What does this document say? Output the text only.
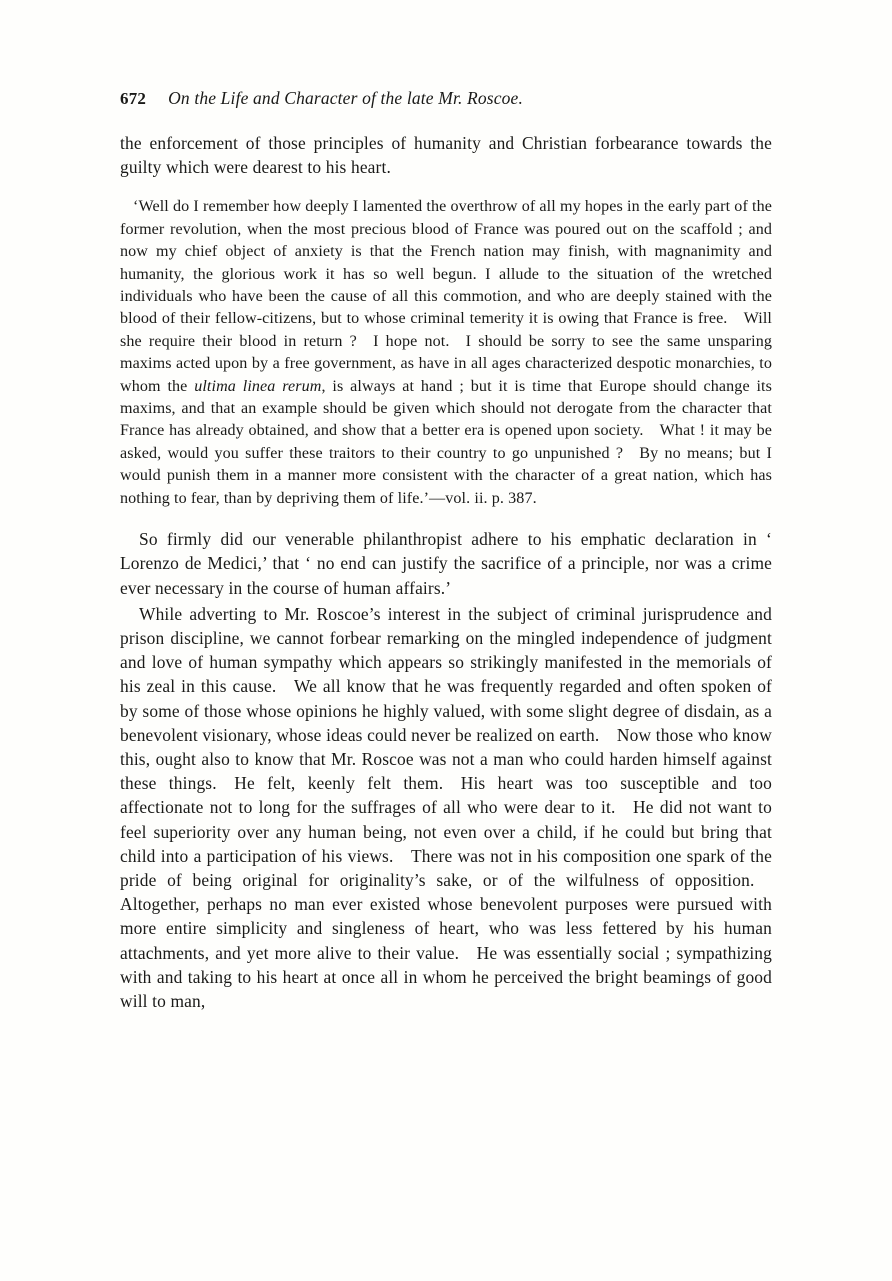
672 On the Life and Character of the late Mr. Roscoe.

the enforcement of those principles of humanity and Christian forbearance towards the guilty which were dearest to his heart.

‘Well do I remember how deeply I lamented the overthrow of all my hopes in the early part of the former revolution, when the most precious blood of France was poured out on the scaffold ; and now my chief object of anxiety is that the French nation may finish, with magnanimity and humanity, the glorious work it has so well begun. I allude to the situation of the wretched individuals who have been the cause of all this commotion, and who are deeply stained with the blood of their fellow-citizens, but to whose criminal temerity it is owing that France is free. Will she require their blood in return ? I hope not. I should be sorry to see the same unsparing maxims acted upon by a free government, as have in all ages characterized despotic monarchies, to whom the ultima linea rerum, is always at hand ; but it is time that Europe should change its maxims, and that an example should be given which should not derogate from the character that France has already obtained, and show that a better era is opened upon society. What ! it may be asked, would you suffer these traitors to their country to go unpunished ? By no means; but I would punish them in a manner more consistent with the character of a great nation, which has nothing to fear, than by depriving them of life.’—vol. ii. p. 387.

So firmly did our venerable philanthropist adhere to his emphatic declaration in ‘ Lorenzo de Medici,’ that ‘ no end can justify the sacrifice of a principle, nor was a crime ever necessary in the course of human affairs.’

While adverting to Mr. Roscoe’s interest in the subject of criminal jurisprudence and prison discipline, we cannot forbear remarking on the mingled independence of judgment and love of human sympathy which appears so strikingly manifested in the memorials of his zeal in this cause. We all know that he was frequently regarded and often spoken of by some of those whose opinions he highly valued, with some slight degree of disdain, as a benevolent visionary, whose ideas could never be realized on earth. Now those who know this, ought also to know that Mr. Roscoe was not a man who could harden himself against these things. He felt, keenly felt them. His heart was too susceptible and too affectionate not to long for the suffrages of all who were dear to it. He did not want to feel superiority over any human being, not even over a child, if he could but bring that child into a participation of his views. There was not in his composition one spark of the pride of being original for originality’s sake, or of the wilfulness of opposition. Altogether, perhaps no man ever existed whose benevolent purposes were pursued with more entire simplicity and singleness of heart, who was less fettered by his human attachments, and yet more alive to their value. He was essentially social ; sympathizing with and taking to his heart at once all in whom he perceived the bright beamings of good will to man,
